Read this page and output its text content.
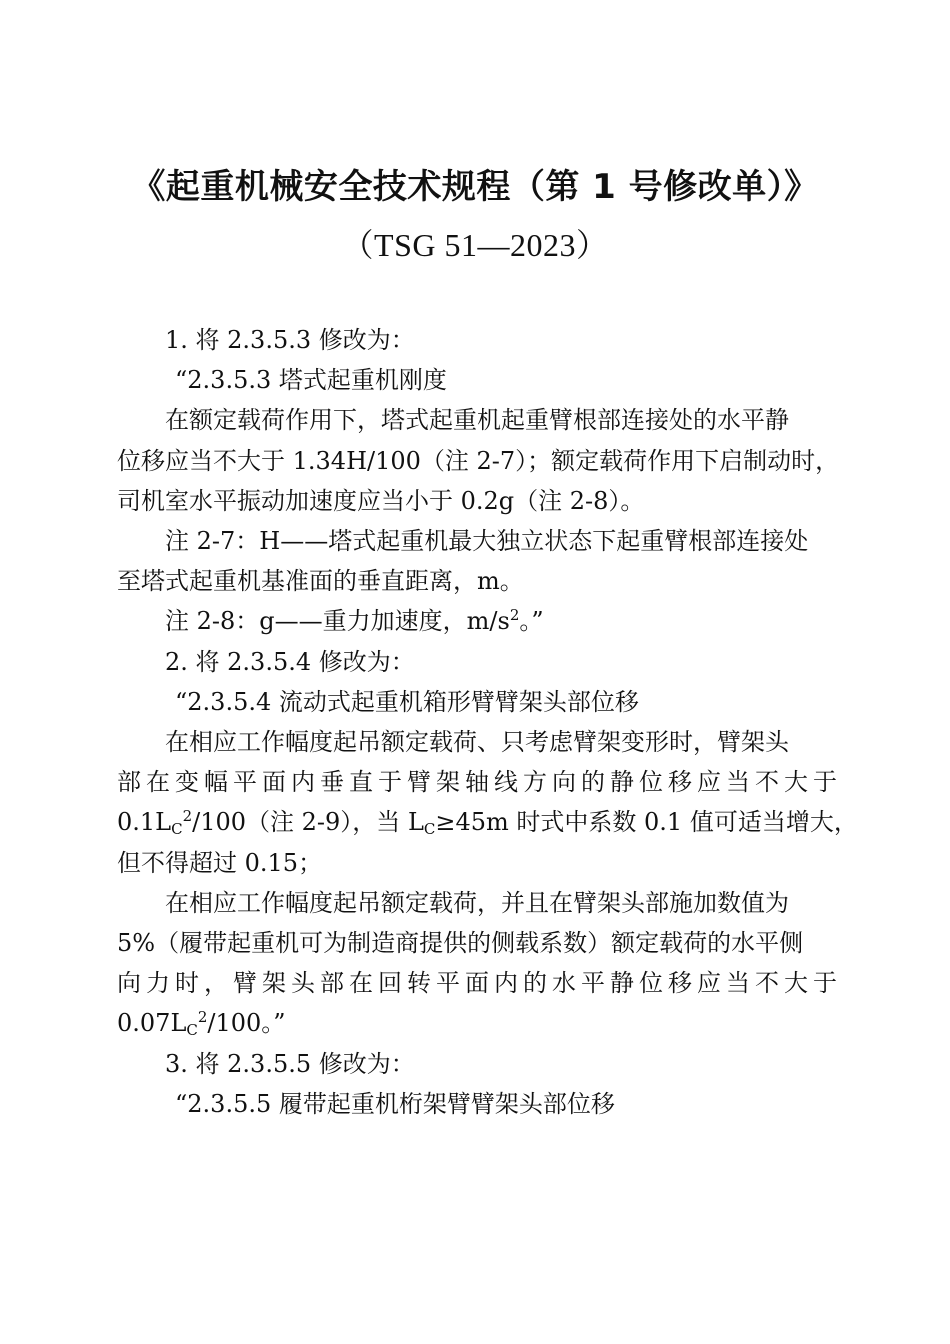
《起重机械安全技术规程（第 1 号修改单）》
（TSG 51—2023）

1. 将 2.3.5.3 修改为：

“2.3.5.3 塔式起重机刚度

在额定载荷作用下，塔式起重机起重臂根部连接处的水平静

位移应当不大于 1.34H/100（注 2-7）；额定载荷作用下启制动时，

司机室水平振动加速度应当小于 0.2g（注 2-8）。

注 2-7：H——塔式起重机最大独立状态下起重臂根部连接处

至塔式起重机基准面的垂直距离，m。

注 2-8：g——重力加速度，$m/s^2$。”

2. 将 2.3.5.4 修改为：

“2.3.5.4 流动式起重机箱形臂臂架头部位移

在相应工作幅度起吊额定载荷、只考虑臂架变形时，臂架头

部在变幅平面内垂直于臂架轴线方向的静位移应当不大于

$0.1L_C^2/100$（注 2-9），当 $L_C\ge 45m$ 时式中系数 0.1 值可适当增大，

但不得超过 0.15；

在相应工作幅度起吊额定载荷，并且在臂架头部施加数值为

5%（履带起重机可为制造商提供的侧载系数）额定载荷的水平侧

向力时，臂架头部在回转平面内的水平静位移应当不大于

$0.07L_C^2/100$。”

3. 将 2.3.5.5 修改为：

“2.3.5.5 履带起重机桁架臂臂架头部位移
